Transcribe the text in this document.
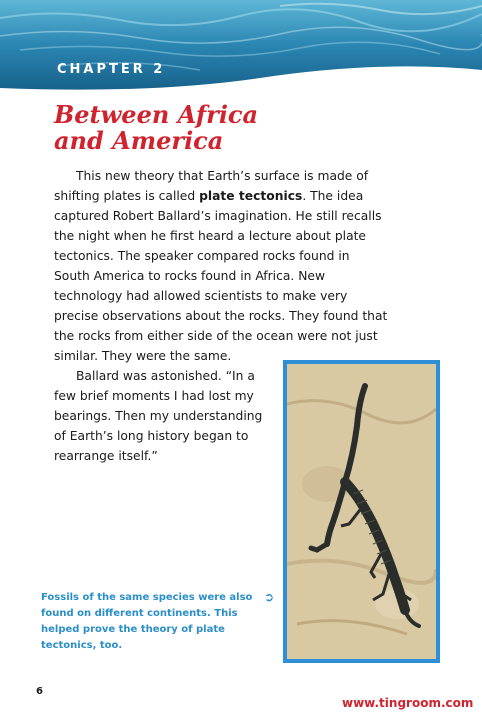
CHAPTER 2
Between Africa
and America

This new theory that Earth’s surface is made of shifting plates is called plate tectonics. The idea captured Robert Ballard’s imagination. He still recalls the night when he first heard a lecture about plate tectonics. The speaker compared rocks found in South America to rocks found in Africa. New technology had allowed scientists to make very precise observations about the rocks. They found that the rocks from either side of the ocean were not just similar. They were the same.

Ballard was astonished. “In a few brief moments I had lost my bearings. Then my understanding of Earth’s long history began to rearrange itself.”

Fossils of the same species were also found on different continents. This helped prove the theory of plate tectonics, too.
➲
6
www.tingroom.com
